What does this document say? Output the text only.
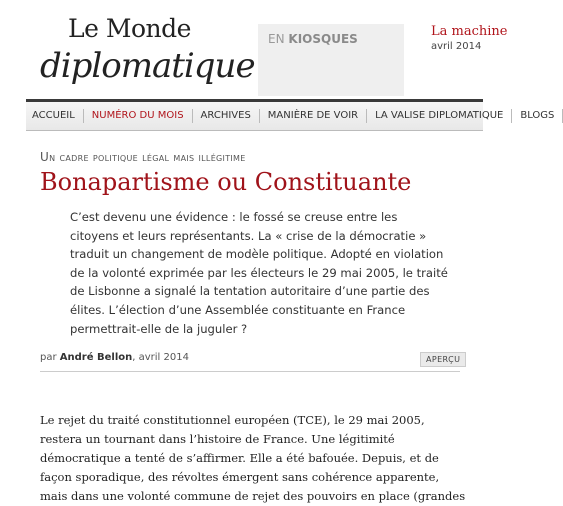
Le Monde
diplomatique
EN KIOSQUES	La machine
avril 2014
ACCUEIL	NUMÉRO DU MOIS	ARCHIVES	MANIÈRE DE VOIR	LA VALISE DIPLOMATIQUE	BLOGS
Un cadre politique légal mais illégitime
Bonapartisme ou Constituante
C’est devenu une évidence : le fossé se creuse entre les
citoyens et leurs représentants. La « crise de la démocratie »
traduit un changement de modèle politique. Adopté en violation
de la volonté exprimée par les électeurs le 29 mai 2005, le traité
de Lisbonne a signalé la tentation autoritaire d’une partie des
élites. L’élection d’une Assemblée constituante en France
permettrait-elle de la juguler ?
par André Bellon, avril 2014	APERÇU
Le rejet du traité constitutionnel européen (TCE), le 29 mai 2005,
restera un tournant dans l’histoire de France. Une légitimité
démocratique a tenté de s’affirmer. Elle a été bafouée. Depuis, et de
façon sporadique, des révoltes émergent sans cohérence apparente,
mais dans une volonté commune de rejet des pouvoirs en place (grandes
